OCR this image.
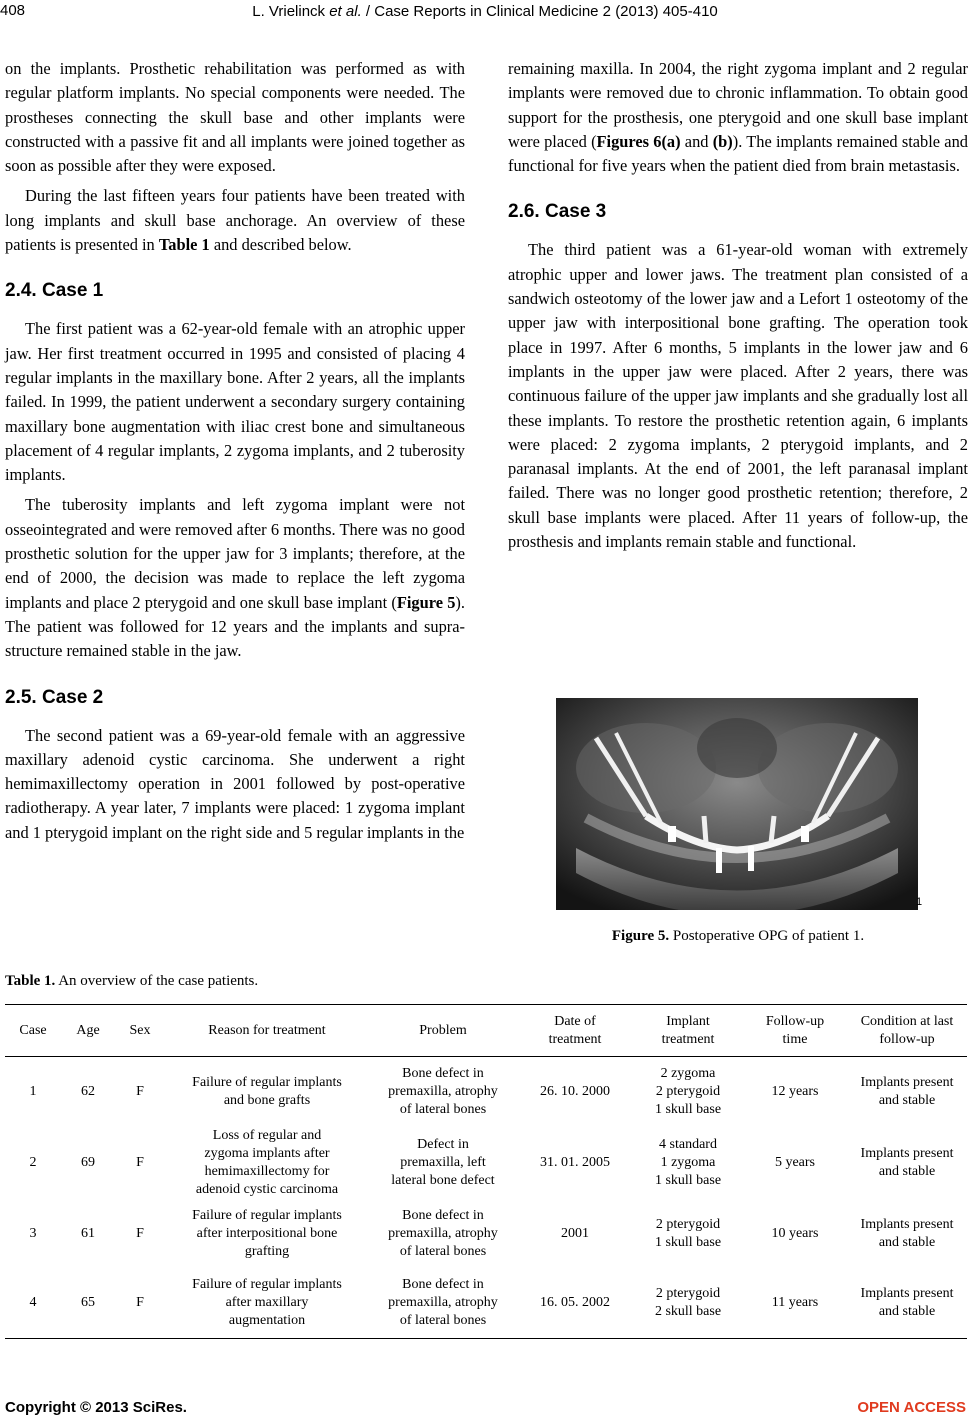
408	L. Vrielinck et al. / Case Reports in Clinical Medicine 2 (2013) 405-410

on the implants. Prosthetic rehabilitation was performed as with regular platform implants. No special components were needed. The prostheses connecting the skull base and other implants were constructed with a passive fit and all implants were joined together as soon as possible after they were exposed.

During the last fifteen years four patients have been treated with long implants and skull base anchorage. An overview of these patients is presented in Table 1 and described below.

2.4. Case 1

The first patient was a 62-year-old female with an atrophic upper jaw. Her first treatment occurred in 1995 and consisted of placing 4 regular implants in the maxillary bone. After 2 years, all the implants failed. In 1999, the patient underwent a secondary surgery containing maxillary bone augmentation with iliac crest bone and simultaneous placement of 4 regular implants, 2 zygoma implants, and 2 tuberosity implants.

The tuberosity implants and left zygoma implant were not osseointegrated and were removed after 6 months. There was no good prosthetic solution for the upper jaw for 3 implants; therefore, at the end of 2000, the decision was made to replace the left zygoma implants and place 2 pterygoid and one skull base implant (Figure 5). The patient was followed for 12 years and the implants and supra-structure remained stable in the jaw.

2.5. Case 2

The second patient was a 69-year-old female with an aggressive maxillary adenoid cystic carcinoma. She underwent a right hemimaxillectomy operation in 2001 followed by post-operative radiotherapy. A year later, 7 implants were placed: 1 zygoma implant and 1 pterygoid implant on the right side and 5 regular implants in the

remaining maxilla. In 2004, the right zygoma implant and 2 regular implants were removed due to chronic inflammation. To obtain good support for the prosthesis, one pterygoid and one skull base implant were placed (Figures 6(a) and (b)). The implants remained stable and functional for five years when the patient died from brain metastasis.

2.6. Case 3

The third patient was a 61-year-old woman with extremely atrophic upper and lower jaws. The treatment plan consisted of a sandwich osteotomy of the lower jaw and a Lefort 1 osteotomy of the upper jaw with interpositional bone grafting. The operation took place in 1997. After 6 months, 5 implants in the lower jaw and 6 implants in the upper jaw were placed. After 2 years, there was continuous failure of the upper jaw implants and she gradually lost all these implants. To restore the prosthetic retention again, 6 implants were placed: 2 zygoma implants, 2 pterygoid implants, and 2 paranasal implants. At the end of 2001, the left paranasal implant failed. There was no longer good prosthetic retention; therefore, 2 skull base implants were placed. After 11 years of follow-up, the prosthesis and implants remain stable and functional.

1
Figure 5. Postoperative OPG of patient 1.
Table 1. An overview of the case patients.
Case	Age	Sex	Reason for treatment	Problem	Date of
treatment	Implant
treatment	Follow-up
time	Condition at last
follow-up
1	62	F	Failure of regular implants
and bone grafts	Bone defect in
premaxilla, atrophy
of lateral bones	26. 10. 2000	2 zygoma
2 pterygoid
1 skull base	12 years	Implants present
and stable
2	69	F	Loss of regular and
zygoma implants after
hemimaxillectomy for
adenoid cystic carcinoma	Defect in
premaxilla, left
lateral bone defect	31. 01. 2005	4 standard
1 zygoma
1 skull base	5 years	Implants present
and stable
3	61	F	Failure of regular implants
after interpositional bone
grafting	Bone defect in
premaxilla, atrophy
of lateral bones	2001	2 pterygoid
1 skull base	10 years	Implants present
and stable
4	65	F	Failure of regular implants
after maxillary
augmentation	Bone defect in
premaxilla, atrophy
of lateral bones	16. 05. 2002	2 pterygoid
2 skull base	11 years	Implants present
and stable
Copyright © 2013 SciRes.	OPEN ACCESS
